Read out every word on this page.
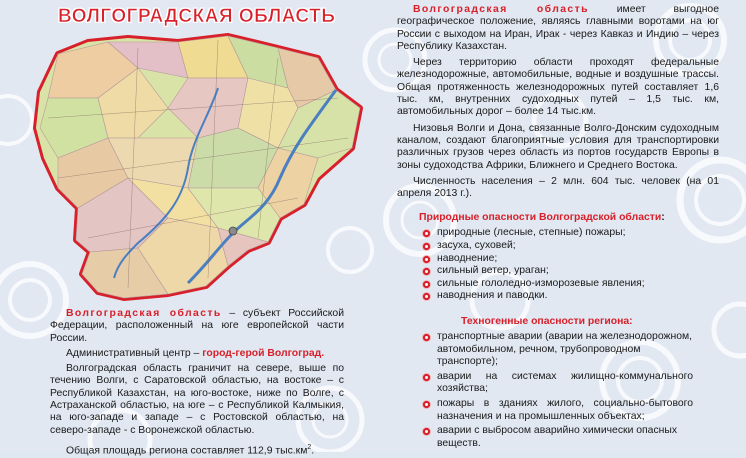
ВОЛГОГРАДСКАЯ ОБЛАСТЬ

Волгоградская область – субъект Российской Федерации, расположенный на юге европейской части России.

Административный центр – город-герой Волгоград.

Волгоградская область граничит на севере, выше по течению Волги, с Саратовской областью, на востоке – с Республикой Казахстан, на юго-востоке, ниже по Волге, с Астраханской областью, на юге – с Республикой Калмыкия, на юго-западе и западе – с Ростовской областью, на северо-западе - с Воронежской областью.

Общая площадь региона составляет 112,9 $тыс.км^2$.

Волгоградская область имеет выгодное географическое положение, являясь главными воротами на юг России с выходом на Иран, Ирак - через Кавказ и Индию – через Республику Казахстан.

Через территорию области проходят федеральные железнодорожные, автомобильные, водные и воздушные трассы. Общая протяженность железнодорожных путей составляет 1,6 тыс. км, внутренних судоходных путей – 1,5 тыс. км, автомобильных дорог – более 14 тыс.км.

Низовья Волги и Дона, связанные Волго-Донским судоходным каналом, создают благоприятные условия для транспортировки различных грузов через область из портов государств Европы в зоны судоходства Африки, Ближнего и Среднего Востока.

Численность населения – 2 млн. 604 тыс. человек (на 01 апреля 2013 г.).

Природные опасности Волгоградской области:

природные (лесные, степные) пожары;

засуха, суховей;

наводнение;

сильный ветер, ураган;

сильные гололедно-изморозевые явления;

наводнения и паводки.

Техногенные опасности региона:

транспортные аварии (аварии на железнодорожном, автомобильном, речном, трубопроводном транспорте);

аварии на системах жилищно-коммунального хозяйства;

пожары в зданиях жилого, социально-бытового назначения и на промышленных объектах;

аварии с выбросом аварийно химически опасных веществ.
